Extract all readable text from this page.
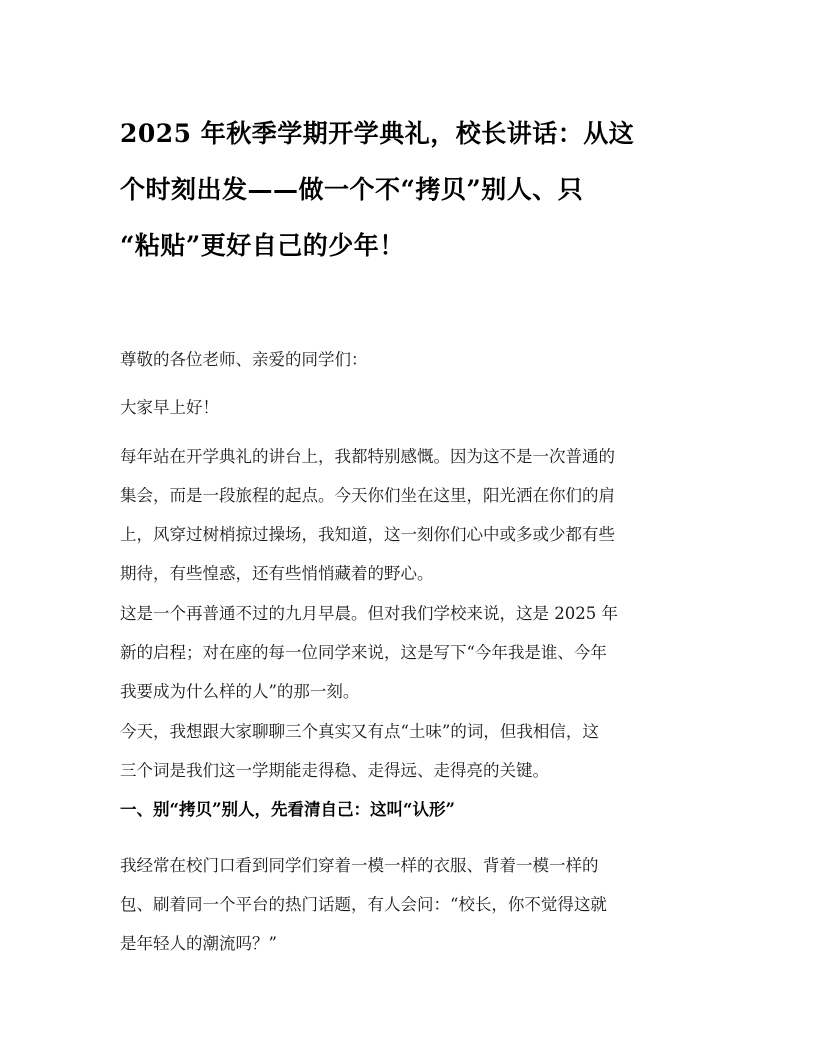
2025 年秋季学期开学典礼，校长讲话：从这
个时刻出发——做一个不“拷贝”别人、只
“粘贴”更好自己的少年！

尊敬的各位老师、亲爱的同学们：

大家早上好！

每年站在开学典礼的讲台上，我都特别感慨。因为这不是一次普通的
集会，而是一段旅程的起点。今天你们坐在这里，阳光洒在你们的肩
上，风穿过树梢掠过操场，我知道，这一刻你们心中或多或少都有些
期待，有些惶惑，还有些悄悄藏着的野心。

这是一个再普通不过的九月早晨。但对我们学校来说，这是 2025 年
新的启程；对在座的每一位同学来说，这是写下“今年我是谁、今年
我要成为什么样的人”的那一刻。

今天，我想跟大家聊聊三个真实又有点“土味”的词，但我相信，这
三个词是我们这一学期能走得稳、走得远、走得亮的关键。

一、别“拷贝”别人，先看清自己：这叫“认形”

我经常在校门口看到同学们穿着一模一样的衣服、背着一模一样的
包、刷着同一个平台的热门话题，有人会问：“校长，你不觉得这就
是年轻人的潮流吗？”
